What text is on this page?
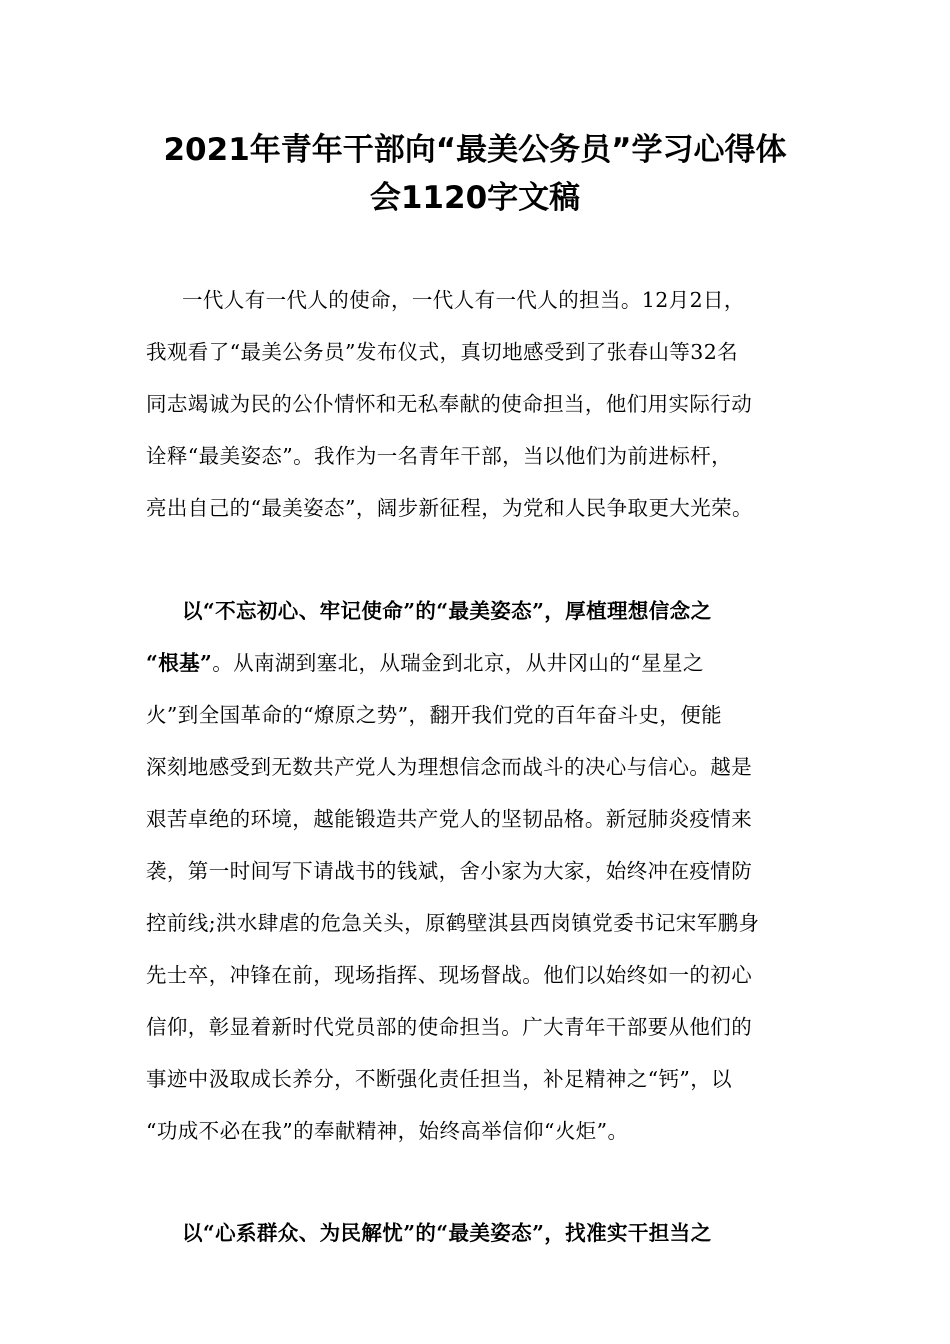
2021年青年干部向“最美公务员”学习心得体
会1120字文稿
一代人有一代人的使命，一代人有一代人的担当。12月2日，
我观看了“最美公务员”发布仪式，真切地感受到了张春山等32名
同志竭诚为民的公仆情怀和无私奉献的使命担当，他们用实际行动
诠释“最美姿态”。我作为一名青年干部，当以他们为前进标杆，
亮出自己的“最美姿态”，阔步新征程，为党和人民争取更大光荣。
以“不忘初心、牢记使命”的“最美姿态”，厚植理想信念之
“根基”。从南湖到塞北，从瑞金到北京，从井冈山的“星星之
火”到全国革命的“燎原之势”，翻开我们党的百年奋斗史，便能
深刻地感受到无数共产党人为理想信念而战斗的决心与信心。越是
艰苦卓绝的环境，越能锻造共产党人的坚韧品格。新冠肺炎疫情来
袭，第一时间写下请战书的钱斌，舍小家为大家，始终冲在疫情防
控前线;洪水肆虐的危急关头，原鹤壁淇县西岗镇党委书记宋军鹏身
先士卒，冲锋在前，现场指挥、现场督战。他们以始终如一的初心
信仰，彰显着新时代党员部的使命担当。广大青年干部要从他们的
事迹中汲取成长养分，不断强化责任担当，补足精神之“钙”，以
“功成不必在我”的奉献精神，始终高举信仰“火炬”。
以“心系群众、为民解忧”的“最美姿态”，找准实干担当之
